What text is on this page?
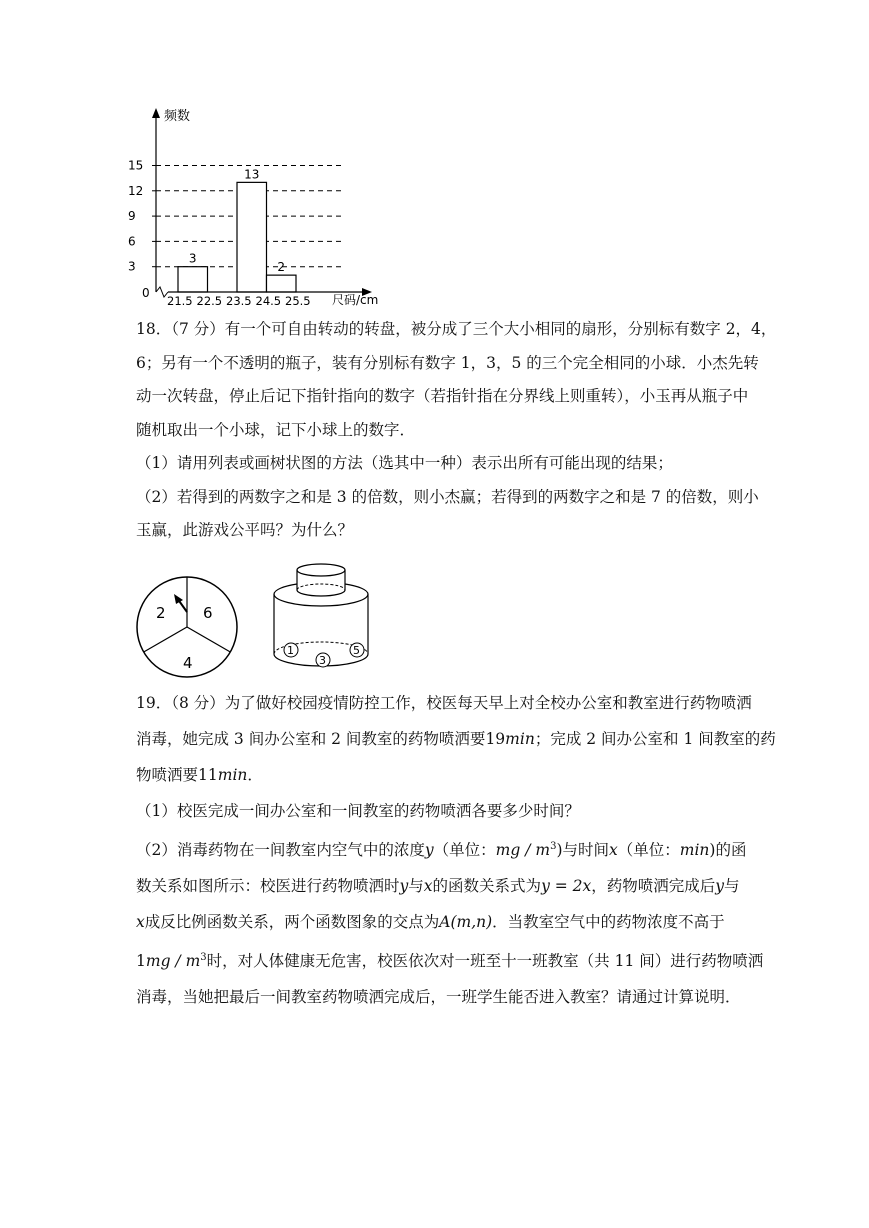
3
13
2
3
6
9
12
15
21.5 22.5 23.5 24.5 25.5
频数
尺码/cm
0

18．（7 分）有一个可自由转动的转盘，被分成了三个大小相同的扇形，分别标有数字 2，4，

6；另有一个不透明的瓶子，装有分别标有数字 1，3，5 的三个完全相同的小球．小杰先转

动一次转盘，停止后记下指针指向的数字（若指针指在分界线上则重转），小玉再从瓶子中

随机取出一个小球，记下小球上的数字．

（1）请用列表或画树状图的方法（选其中一种）表示出所有可能出现的结果；

（2）若得到的两数字之和是 3 的倍数，则小杰赢；若得到的两数字之和是 7 的倍数，则小

玉赢，此游戏公平吗？为什么？

2 6
4
1
3
5

19．（8 分）为了做好校园疫情防控工作，校医每天早上对全校办公室和教室进行药物喷洒

消毒，她完成 3 间办公室和 2 间教室的药物喷洒要19min；完成 2 间办公室和 1 间教室的药

物喷洒要11min．

（1）校医完成一间办公室和一间教室的药物喷洒各要多少时间？

（2）消毒药物在一间教室内空气中的浓度y（单位：mg / $m^3$)与时间x（单位：min)的函

数关系如图所示：校医进行药物喷洒时y与x的函数关系式为y = 2x，药物喷洒完成后y与

x成反比例函数关系，两个函数图象的交点为A(m,n)．当教室空气中的药物浓度不高于

$1mg / m^3$时，对人体健康无危害，校医依次对一班至十一班教室（共 11 间）进行药物喷洒

消毒，当她把最后一间教室药物喷洒完成后，一班学生能否进入教室？请通过计算说明．
